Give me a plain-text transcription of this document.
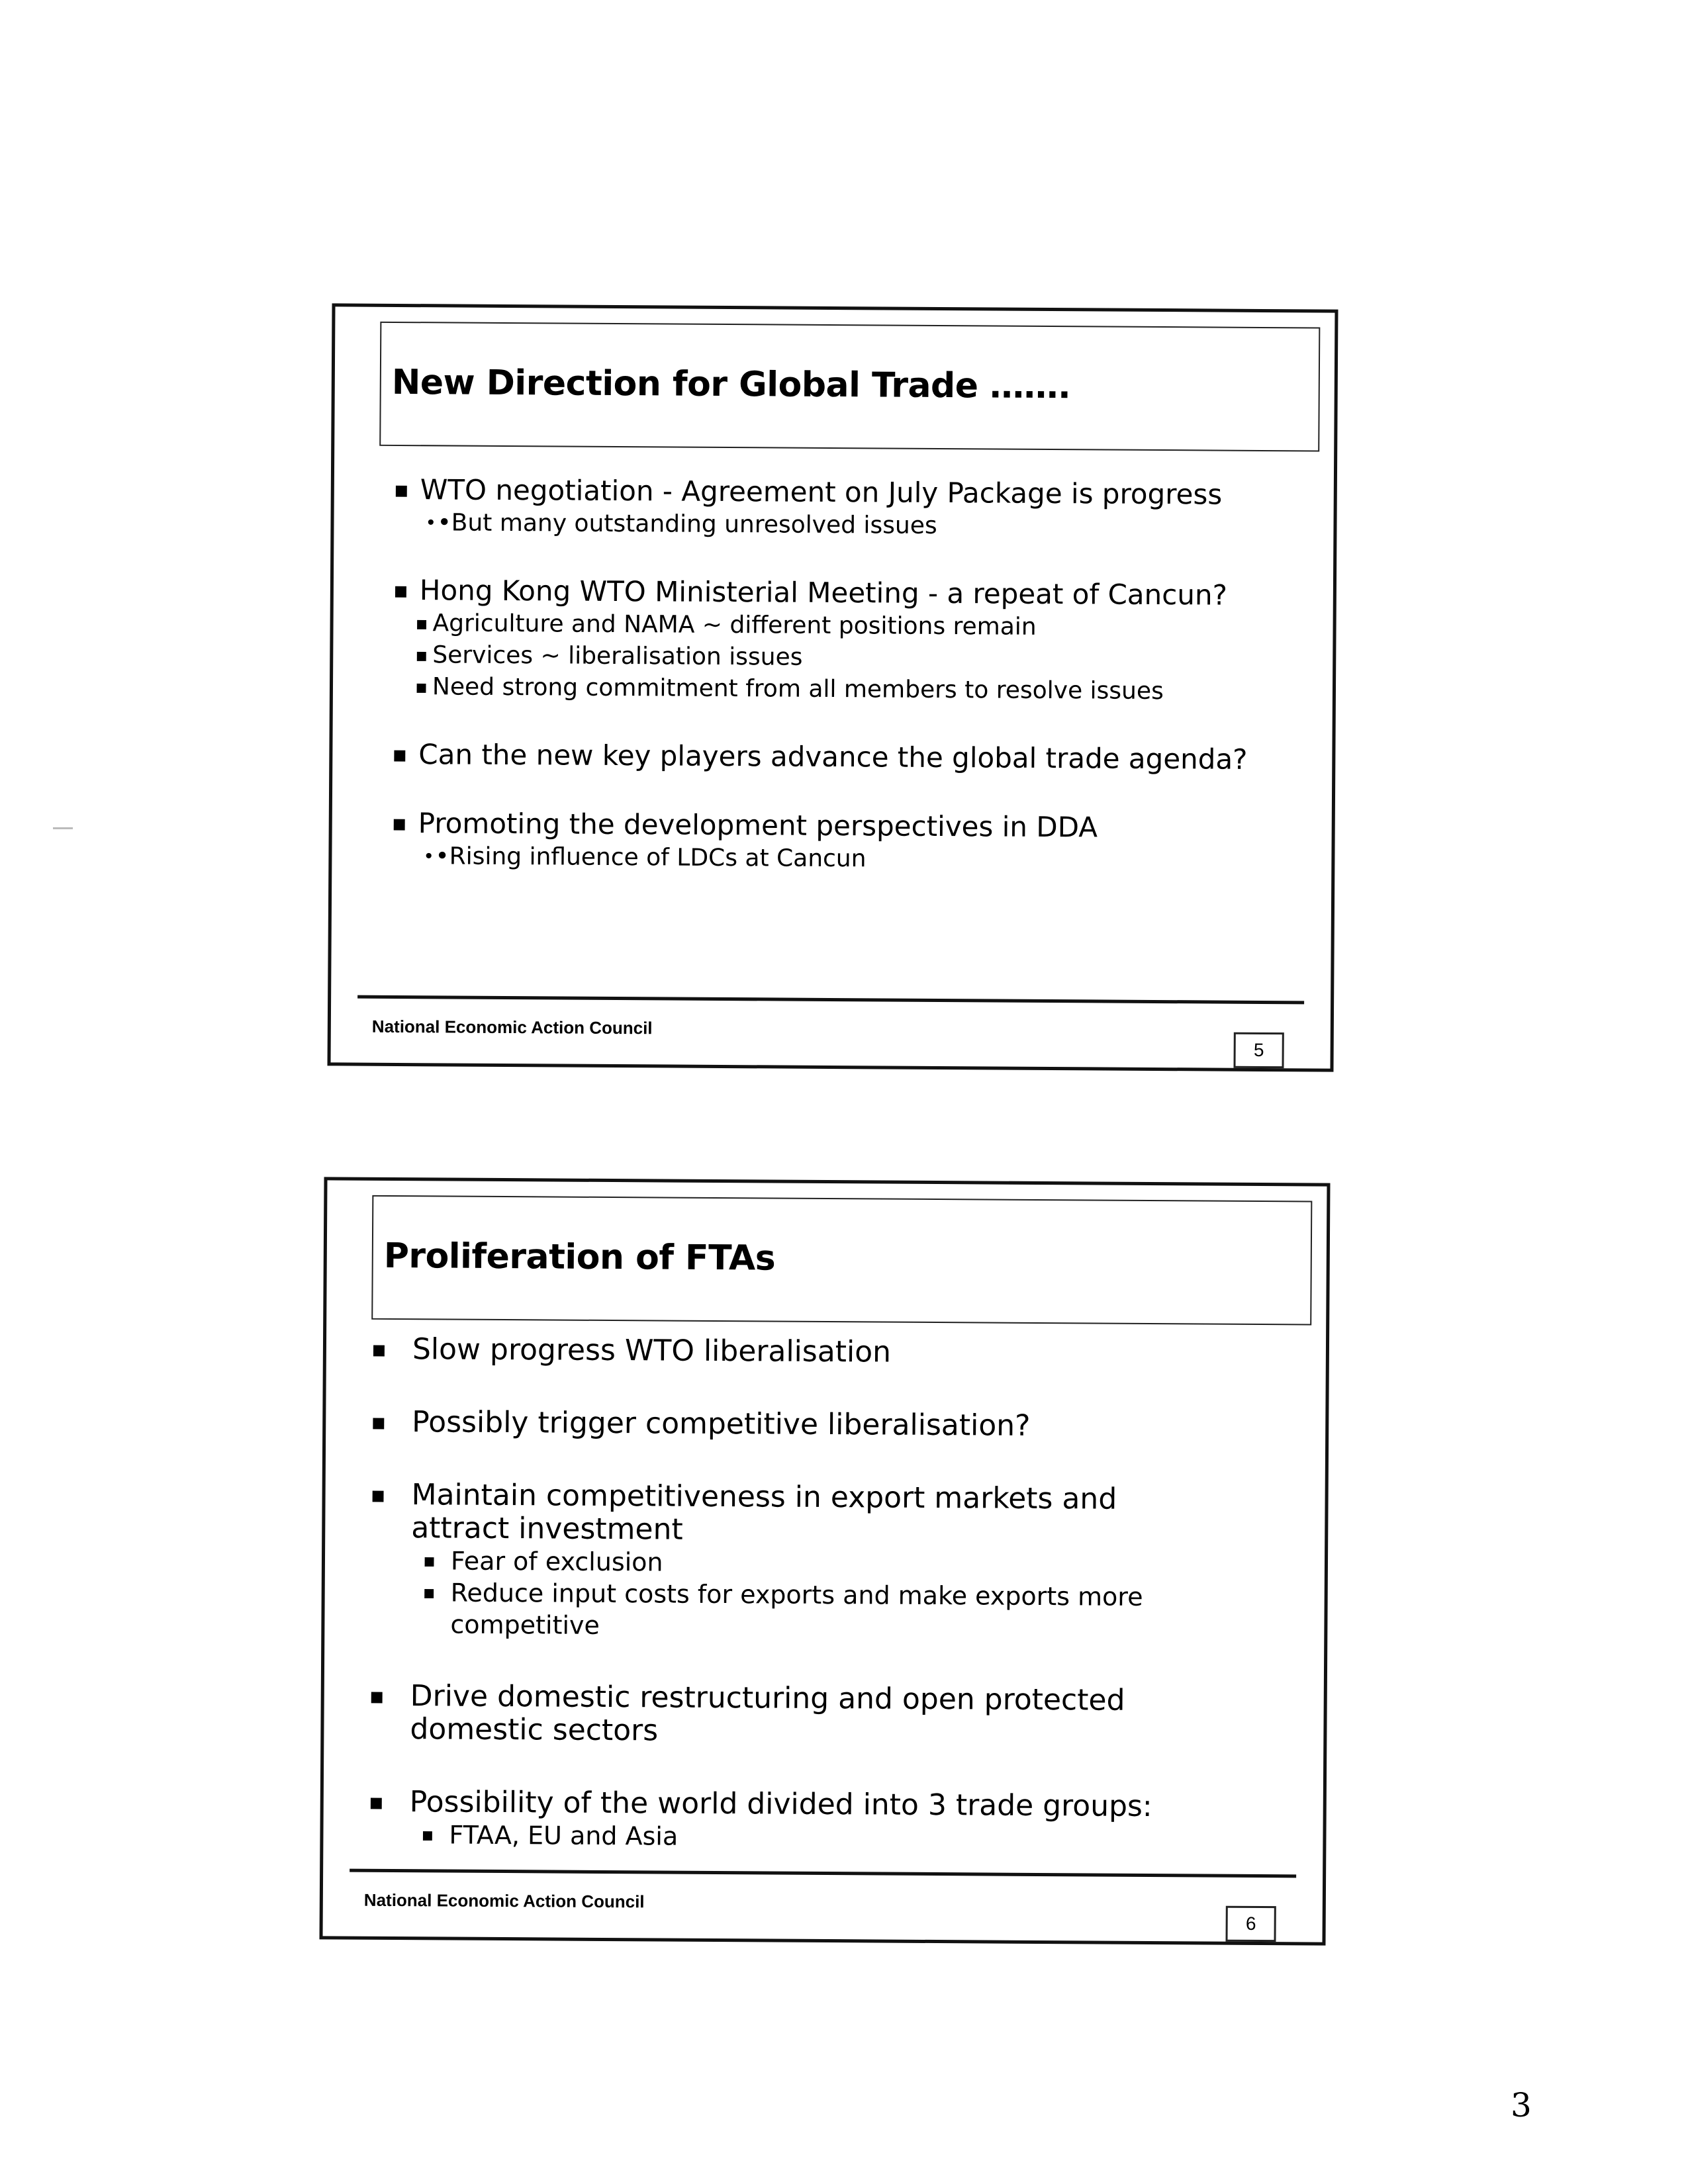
New Direction for Global Trade …….
▪ WTO negotiation - Agreement on July Package is progress
• •But many outstanding unresolved issues
▪ Hong Kong WTO Ministerial Meeting - a repeat of Cancun?
▪ Agriculture and NAMA ~ different positions remain
▪ Services ~ liberalisation issues
▪ Need strong commitment from all members to resolve issues
▪ Can the new key players advance the global trade agenda?
▪ Promoting the development perspectives in DDA
• •Rising influence of LDCs at Cancun
National Economic Action Council
5
Proliferation of FTAs
▪ Slow progress WTO liberalisation
▪ Possibly trigger competitive liberalisation?
▪ Maintain competitiveness in export markets and attract investment
▪ Fear of exclusion
▪ Reduce input costs for exports and make exports more competitive
▪ Drive domestic restructuring and open protected domestic sectors
▪ Possibility of the world divided into 3 trade groups:
▪ FTAA, EU and Asia
National Economic Action Council
6
3
